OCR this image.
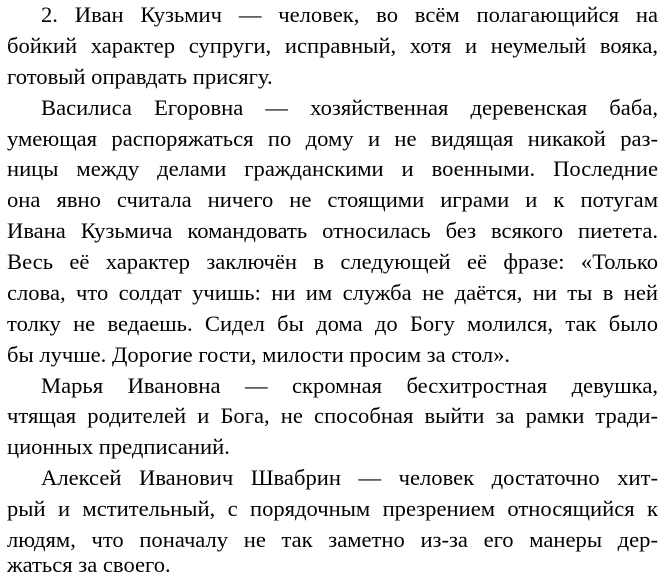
2. Иван Кузьмич — человек, во всём полагающийся на
бойкий характер супруги, исправный, хотя и неумелый вояка,
готовый оправдать присягу.
Василиса Егоровна — хозяйственная деревенская баба,
умеющая распоряжаться по дому и не видящая никакой раз-
ницы между делами гражданскими и военными. Последние
она явно считала ничего не стоящими играми и к потугам
Ивана Кузьмича командовать относилась без всякого пиетета.
Весь её характер заключён в следующей её фразе: «Только
слова, что солдат учишь: ни им служба не даётся, ни ты в ней
толку не ведаешь. Сидел бы дома до Богу молился, так было
бы лучше. Дорогие гости, милости просим за стол».
Марья Ивановна — скромная бесхитростная девушка,
чтящая родителей и Бога, не способная выйти за рамки тради-
ционных предписаний.
Алексей Иванович Швабрин — человек достаточно хит-
рый и мстительный, с порядочным презрением относящийся к
людям, что поначалу не так заметно из-за его манеры дер-
жаться за своего.
